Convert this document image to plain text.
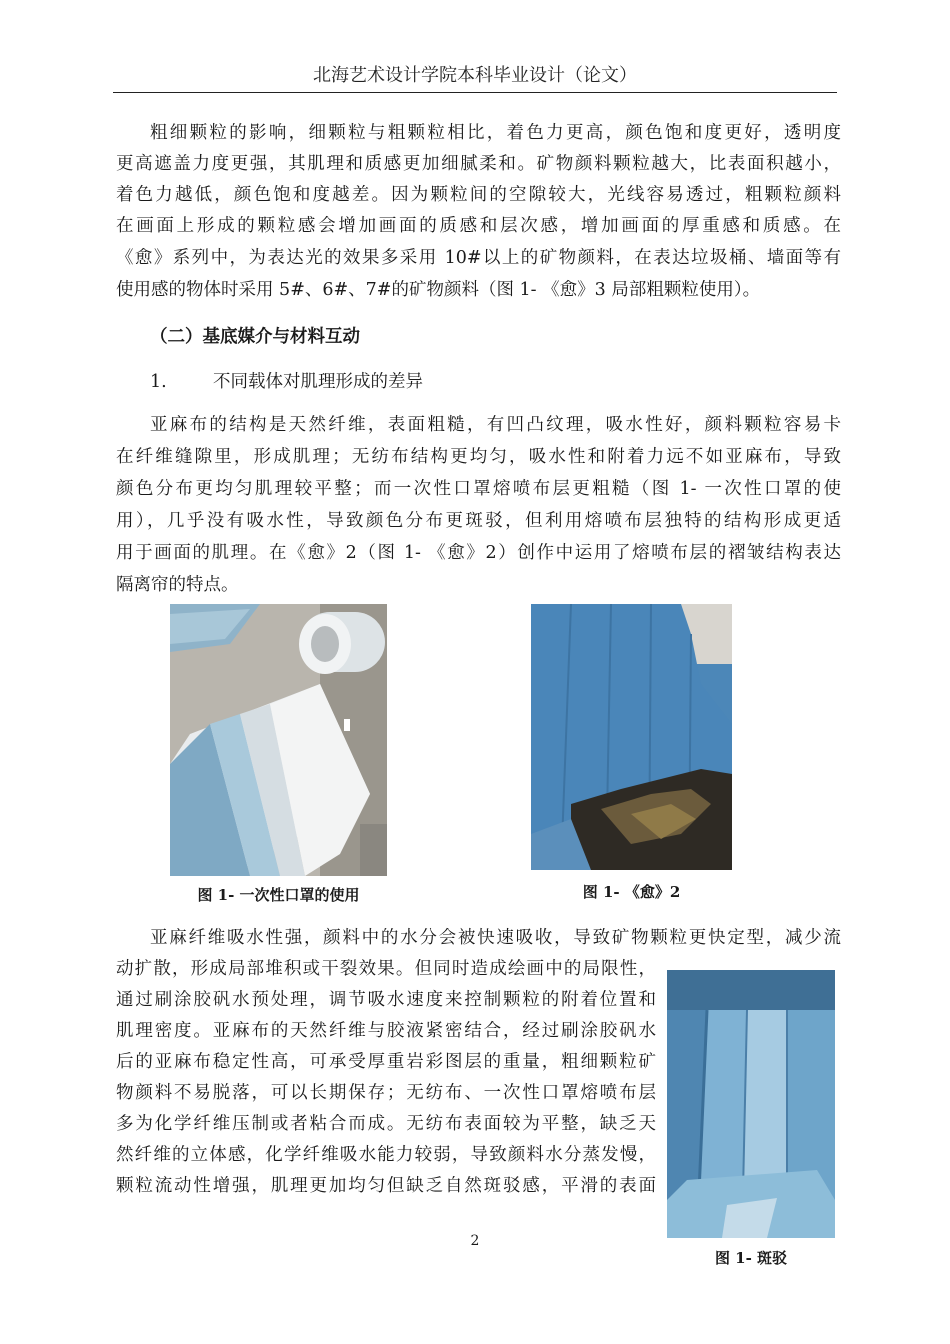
北海艺术设计学院本科毕业设计（论文）
粗细颗粒的影响，细颗粒与粗颗粒相比，着色力更高，颜色饱和度更好，透明度
更高遮盖力度更强，其肌理和质感更加细腻柔和。矿物颜料颗粒越大，比表面积越小，
着色力越低，颜色饱和度越差。因为颗粒间的空隙较大，光线容易透过，粗颗粒颜料
在画面上形成的颗粒感会增加画面的质感和层次感，增加画面的厚重感和质感。在
《愈》系列中，为表达光的效果多采用 10#以上的矿物颜料，在表达垃圾桶、墙面等有
使用感的物体时采用 5#、6#、7#的矿物颜料（图 1- 《愈》3 局部粗颗粒使用）。
（二）基底媒介与材料互动
1.	不同载体对肌理形成的差异
亚麻布的结构是天然纤维，表面粗糙，有凹凸纹理，吸水性好，颜料颗粒容易卡
在纤维缝隙里，形成肌理；无纺布结构更均匀，吸水性和附着力远不如亚麻布，导致
颜色分布更均匀肌理较平整；而一次性口罩熔喷布层更粗糙（图 1- 一次性口罩的使
用），几乎没有吸水性，导致颜色分布更斑驳，但利用熔喷布层独特的结构形成更适
用于画面的肌理。在《愈》2（图 1- 《愈》2）创作中运用了熔喷布层的褶皱结构表达
隔离帘的特点。
图 1- 一次性口罩的使用	图 1- 《愈》2
亚麻纤维吸水性强，颜料中的水分会被快速吸收，导致矿物颗粒更快定型，减少流
动扩散，形成局部堆积或干裂效果。但同时造成绘画中的局限性，
通过刷涂胶矾水预处理，调节吸水速度来控制颗粒的附着位置和
肌理密度。亚麻布的天然纤维与胶液紧密结合，经过刷涂胶矾水
后的亚麻布稳定性高，可承受厚重岩彩图层的重量，粗细颗粒矿
物颜料不易脱落，可以长期保存；无纺布、一次性口罩熔喷布层
多为化学纤维压制或者粘合而成。无纺布表面较为平整，缺乏天
然纤维的立体感，化学纤维吸水能力较弱，导致颜料水分蒸发慢，
颗粒流动性增强，肌理更加均匀但缺乏自然斑驳感，平滑的表面
图 1- 斑驳
2
